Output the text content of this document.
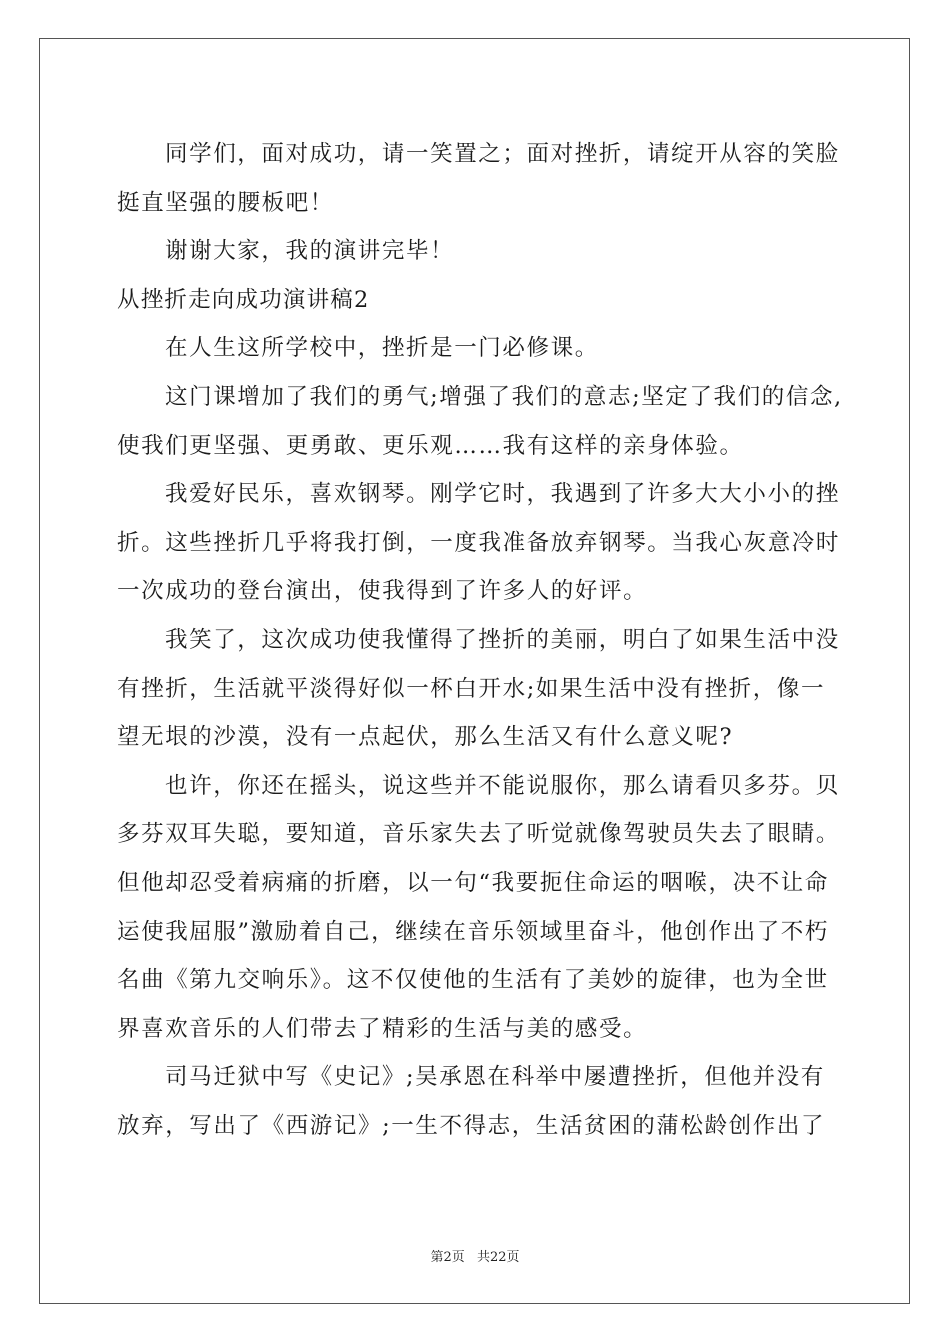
同学们，面对成功，请一笑置之；面对挫折，请绽开从容的笑脸
挺直坚强的腰板吧！
谢谢大家，我的演讲完毕！
从挫折走向成功演讲稿2
在人生这所学校中，挫折是一门必修课。
这门课增加了我们的勇气;增强了我们的意志;坚定了我们的信念,
使我们更坚强、更勇敢、更乐观……我有这样的亲身体验。
我爱好民乐，喜欢钢琴。刚学它时，我遇到了许多大大小小的挫
折。这些挫折几乎将我打倒，一度我准备放弃钢琴。当我心灰意冷时
一次成功的登台演出，使我得到了许多人的好评。
我笑了，这次成功使我懂得了挫折的美丽，明白了如果生活中没
有挫折，生活就平淡得好似一杯白开水;如果生活中没有挫折，像一
望无垠的沙漠，没有一点起伏，那么生活又有什么意义呢?
也许，你还在摇头，说这些并不能说服你，那么请看贝多芬。贝
多芬双耳失聪，要知道，音乐家失去了听觉就像驾驶员失去了眼睛。
但他却忍受着病痛的折磨，以一句“我要扼住命运的咽喉，决不让命
运使我屈服”激励着自己，继续在音乐领域里奋斗，他创作出了不朽
名曲《第九交响乐》。这不仅使他的生活有了美妙的旋律，也为全世
界喜欢音乐的人们带去了精彩的生活与美的感受。
司马迁狱中写《史记》;吴承恩在科举中屡遭挫折，但他并没有
放弃，写出了《西游记》;一生不得志，生活贫困的蒲松龄创作出了
第2页 共22页
